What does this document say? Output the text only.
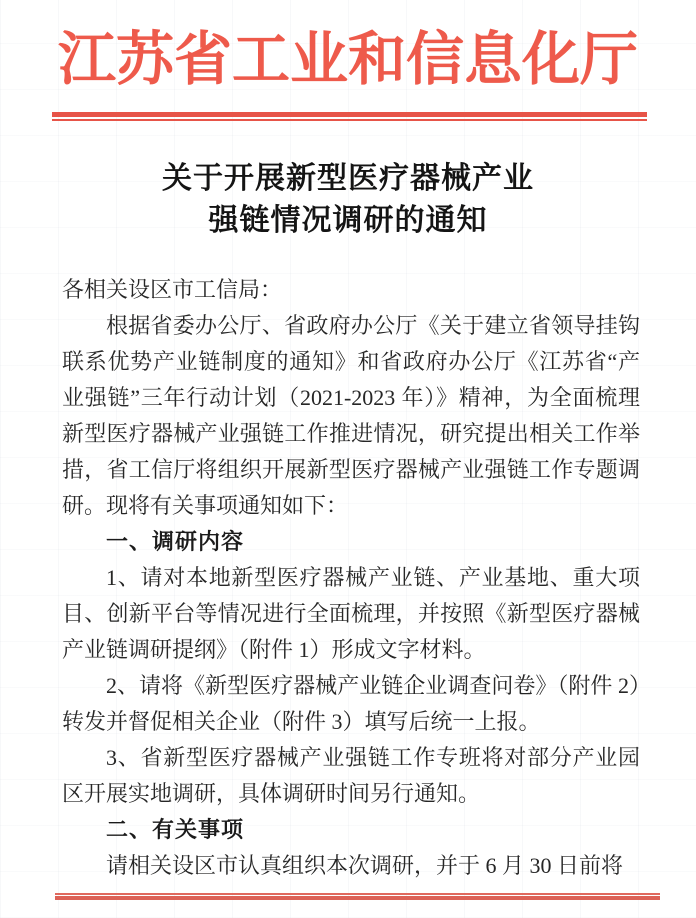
江苏省工业和信息化厅
关于开展新型医疗器械产业
强链情况调研的通知

各相关设区市工信局：

根据省委办公厅、省政府办公厅《关于建立省领导挂钩联系优势产业链制度的通知》和省政府办公厅《江苏省“产业强链”三年行动计划（2021-2023 年）》精神，为全面梳理新型医疗器械产业强链工作推进情况，研究提出相关工作举措，省工信厅将组织开展新型医疗器械产业强链工作专题调研。现将有关事项通知如下：

一、调研内容

1、请对本地新型医疗器械产业链、产业基地、重大项目、创新平台等情况进行全面梳理，并按照《新型医疗器械产业链调研提纲》（附件 1）形成文字材料。

2、请将《新型医疗器械产业链企业调查问卷》（附件 2）转发并督促相关企业（附件 3）填写后统一上报。

3、省新型医疗器械产业强链工作专班将对部分产业园区开展实地调研，具体调研时间另行通知。

二、有关事项

请相关设区市认真组织本次调研，并于 6 月 30 日前将
